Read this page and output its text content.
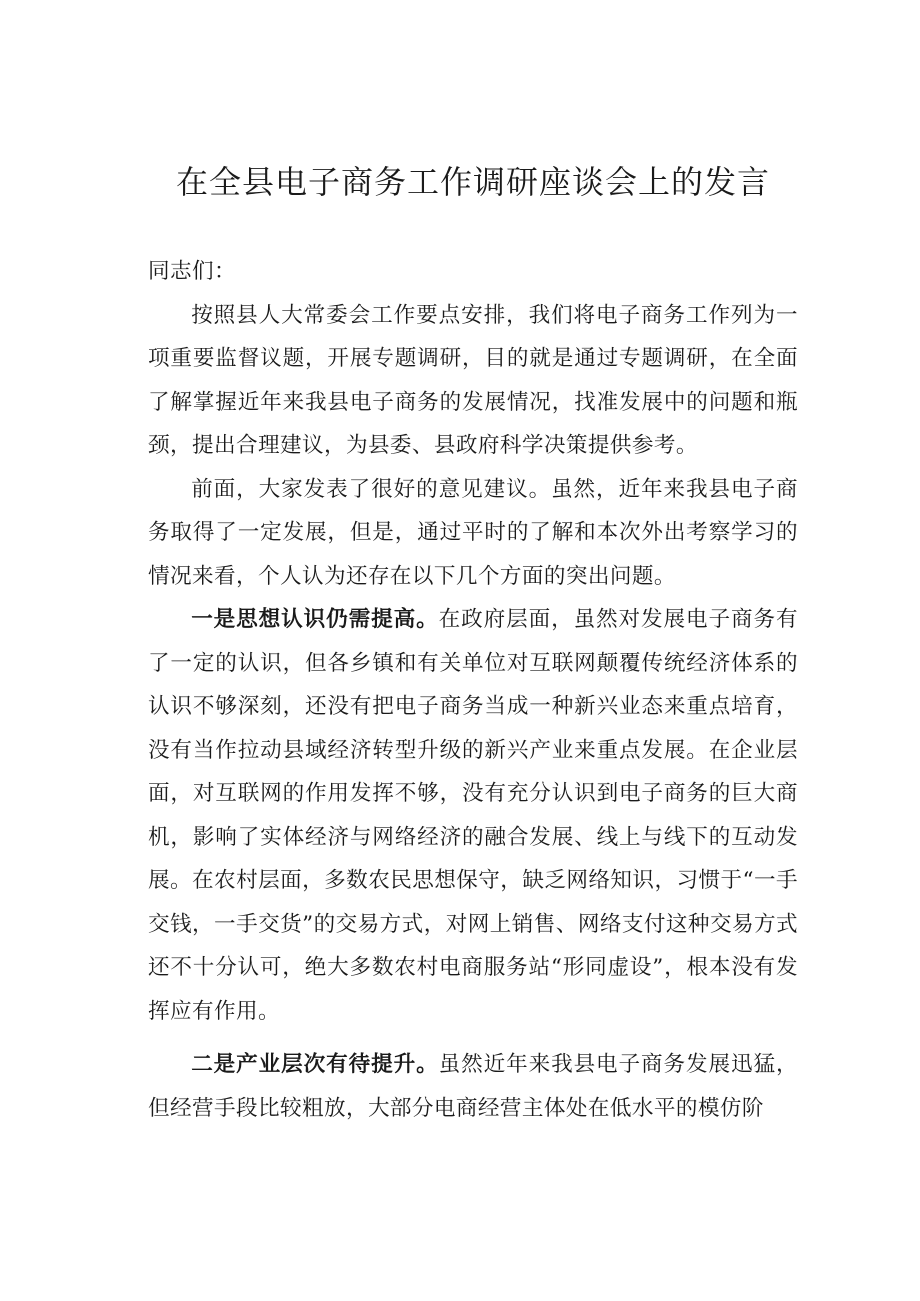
在全县电子商务工作调研座谈会上的发言

同志们：

按照县人大常委会工作要点安排，我们将电子商务工作列为一项重要监督议题，开展专题调研，目的就是通过专题调研，在全面了解掌握近年来我县电子商务的发展情况，找准发展中的问题和瓶颈，提出合理建议，为县委、县政府科学决策提供参考。

前面，大家发表了很好的意见建议。虽然，近年来我县电子商务取得了一定发展，但是，通过平时的了解和本次外出考察学习的情况来看，个人认为还存在以下几个方面的突出问题。

一是思想认识仍需提高。在政府层面，虽然对发展电子商务有了一定的认识，但各乡镇和有关单位对互联网颠覆传统经济体系的认识不够深刻，还没有把电子商务当成一种新兴业态来重点培育，没有当作拉动县域经济转型升级的新兴产业来重点发展。在企业层面，对互联网的作用发挥不够，没有充分认识到电子商务的巨大商机，影响了实体经济与网络经济的融合发展、线上与线下的互动发展。在农村层面，多数农民思想保守，缺乏网络知识，习惯于“一手交钱，一手交货”的交易方式，对网上销售、网络支付这种交易方式还不十分认可，绝大多数农村电商服务站“形同虚设”，根本没有发挥应有作用。

二是产业层次有待提升。虽然近年来我县电子商务发展迅猛，但经营手段比较粗放，大部分电商经营主体处在低水平的模仿阶
